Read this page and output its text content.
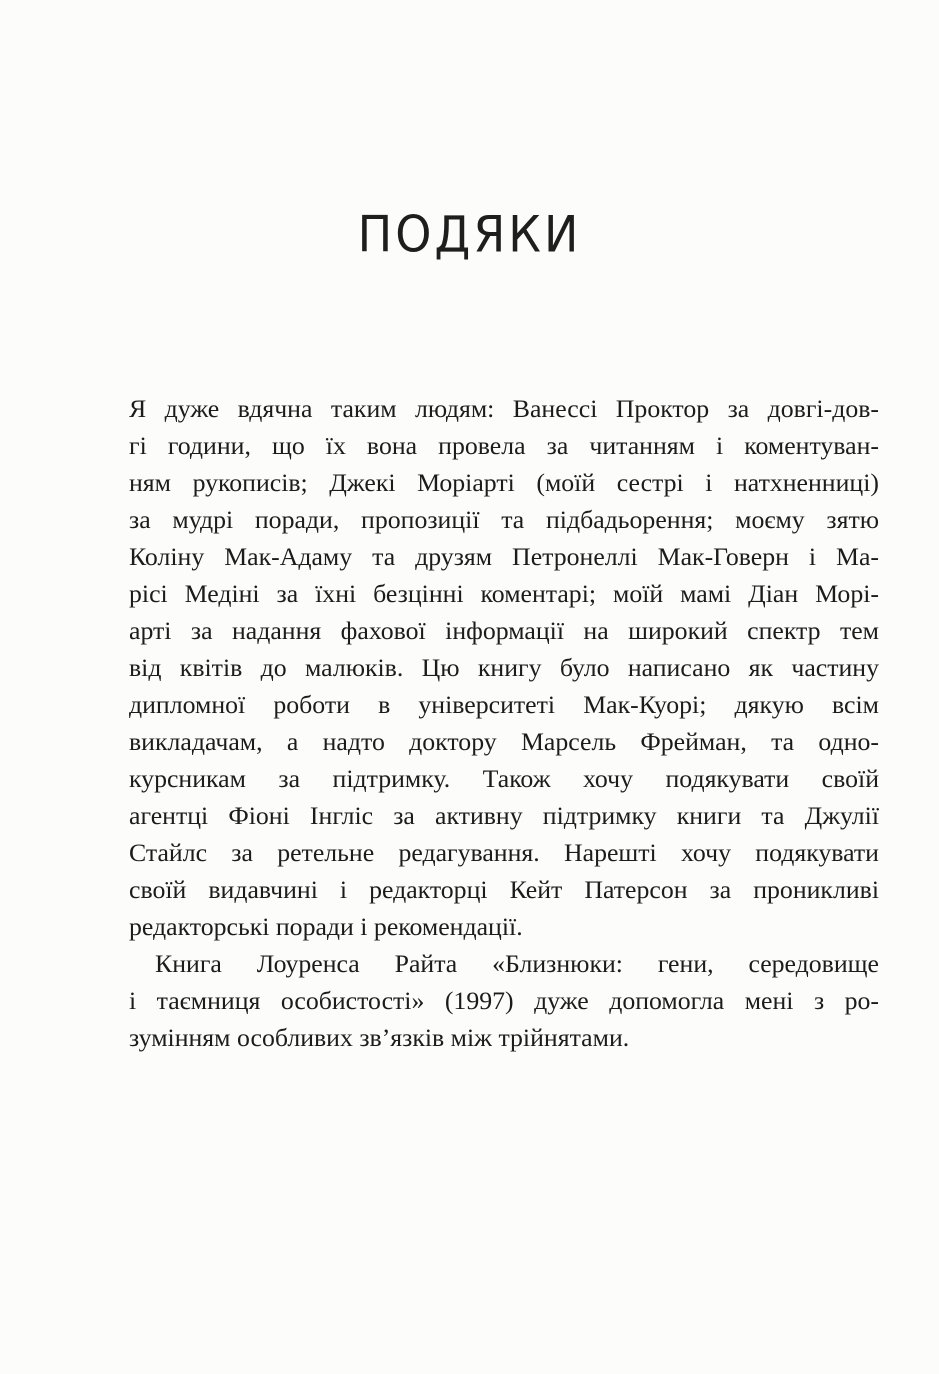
ПОДЯКИ
Я дуже вдячна таким людям: Ванессі Проктор за довгі-дов-
гі години, що їх вона провела за читанням і коментуван-
ням рукописів; Джекі Моріарті (моїй сестрі і натхненниці)
за мудрі поради, пропозиції та підбадьорення; моєму зятю
Коліну Мак-Адаму та друзям Петронеллі Мак-Говерн і Ма-
рісі Медіні за їхні безцінні коментарі; моїй мамі Діан Морі-
арті за надання фахової інформації на широкий спектр тем
від квітів до малюків. Цю книгу було написано як частину
дипломної роботи в університеті Мак-Куорі; дякую всім
викладачам, а надто доктору Марсель Фрейман, та одно-
курсникам за підтримку. Також хочу подякувати своїй
агентці Фіоні Інгліс за активну підтримку книги та Джулії
Стайлс за ретельне редагування. Нарешті хочу подякувати
своїй видавчині і редакторці Кейт Патерсон за проникливі
редакторські поради і рекомендації.
Книга Лоуренса Райта «Близнюки: гени, середовище
і таємниця особистості» (1997) дуже допомогла мені з ро-
зумінням особливих зв’язків між трійнятами.
